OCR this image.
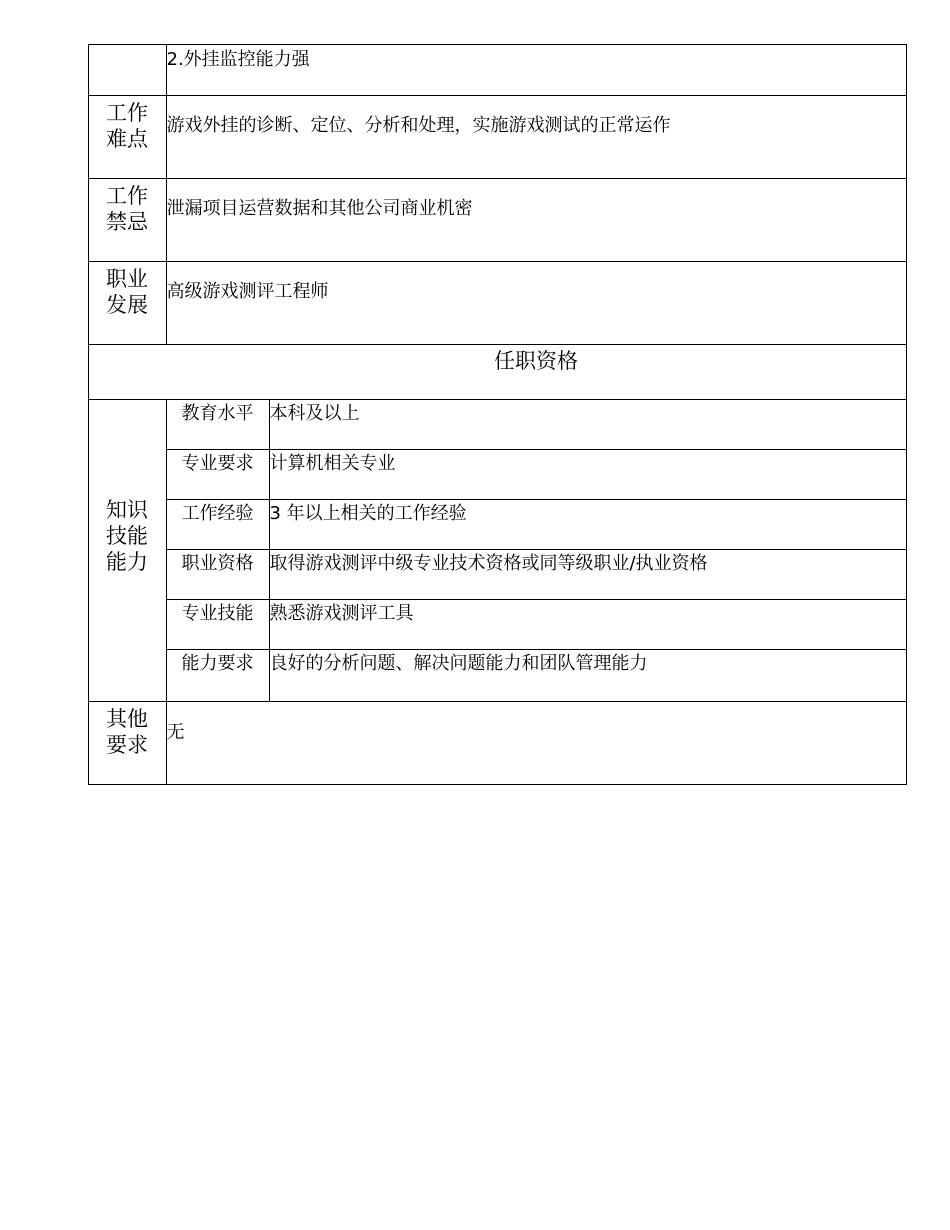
2.外挂监控能力强
工作
难点
游戏外挂的诊断、定位、分析和处理，实施游戏测试的正常运作
工作
禁忌
泄漏项目运营数据和其他公司商业机密
职业
发展
高级游戏测评工程师
任职资格
知识
技能
能力
教育水平 本科及以上
专业要求 计算机相关专业
工作经验 3 年以上相关的工作经验
职业资格 取得游戏测评中级专业技术资格或同等级职业/执业资格
专业技能 熟悉游戏测评工具
能力要求 良好的分析问题、解决问题能力和团队管理能力
其他
要求
无
